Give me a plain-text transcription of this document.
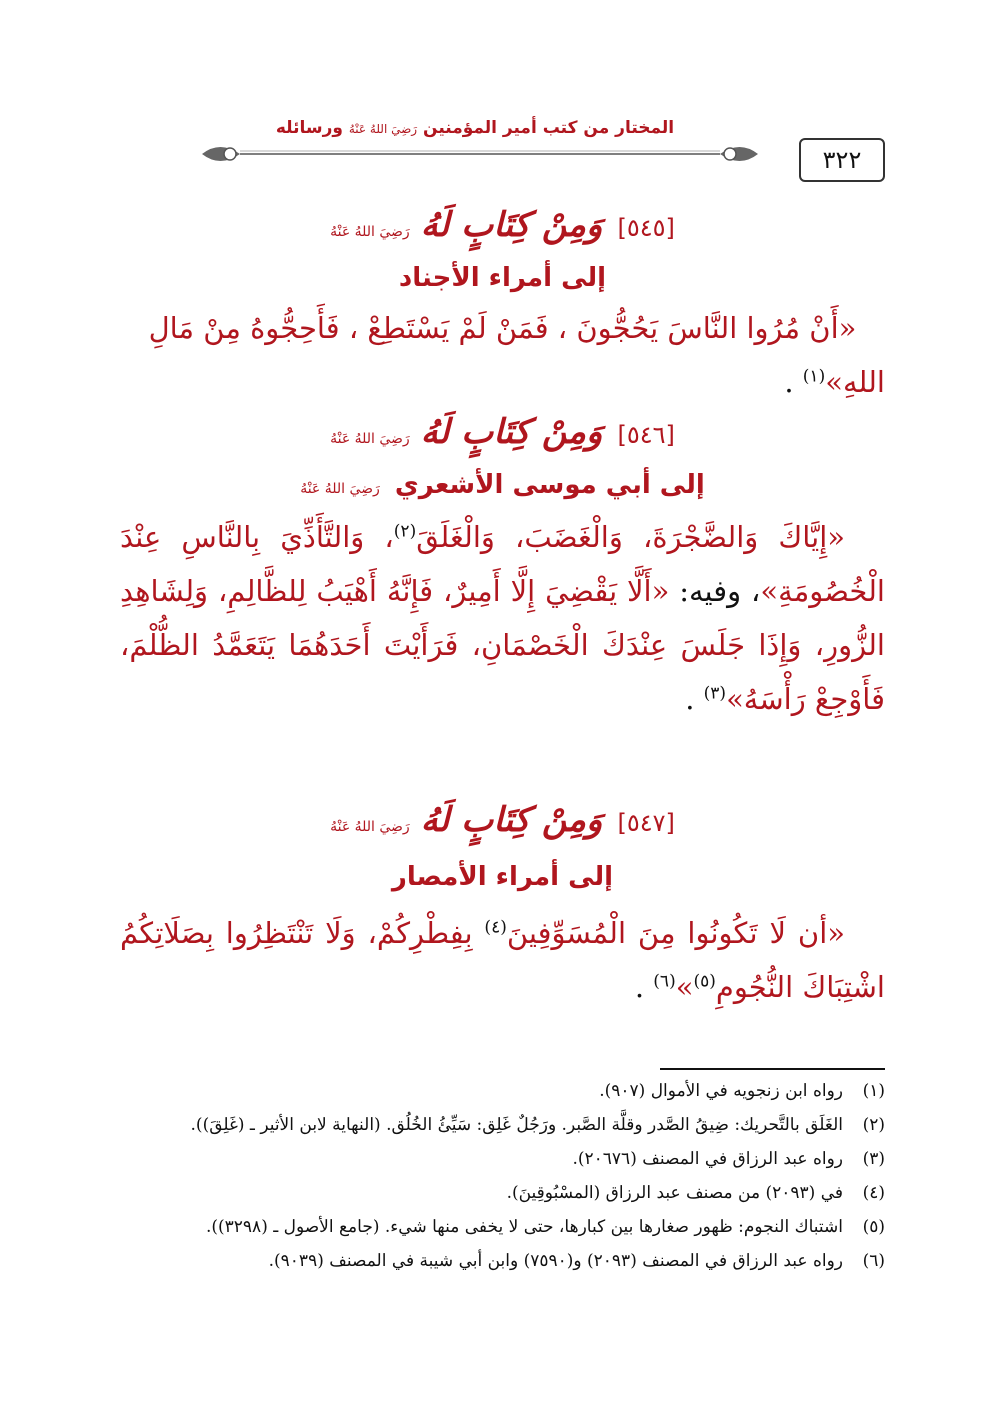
٣٢٢
المختار من كتب أمير المؤمنين رَضِيَ اللهُ عَنْهُ ورسائله
[٥٤٥] وَمِنْ كِتَابٍ لَهُ رَضِيَ اللهُ عَنْهُ
إلى أمراء الأجناد
«أَنْ مُرُوا النَّاسَ يَحُجُّونَ ، فَمَنْ لَمْ يَسْتَطِعْ ، فَأَحِجُّوهُ مِنْ مَالِ اللهِ»$^{(١)}$ .
[٥٤٦] وَمِنْ كِتَابٍ لَهُ رَضِيَ اللهُ عَنْهُ
إلى أبي موسى الأشعري رَضِيَ اللهُ عَنْهُ
«إِيَّاكَ وَالضَّجْرَةَ، وَالْغَضَبَ، وَالْغَلَقَ$^{(٢)}$، وَالتَّأَذِّيَ بِالنَّاسِ عِنْدَ الْخُصُومَةِ»، وفيه: «أَلَّا يَقْضِيَ إِلَّا أَمِيرٌ، فَإِنَّهُ أَهْيَبُ لِلظَّالِمِ، وَلِشَاهِدِ الزُّورِ، وَإِذَا جَلَسَ عِنْدَكَ الْخَصْمَانِ، فَرَأَيْتَ أَحَدَهُمَا يَتَعَمَّدُ الظُّلْمَ، فَأَوْجِعْ رَأْسَهُ»$^{(٣)}$ .
[٥٤٧] وَمِنْ كِتَابٍ لَهُ رَضِيَ اللهُ عَنْهُ
إلى أمراء الأمصار
«أن لَا تَكُونُوا مِنَ الْمُسَوِّفِينَ$^{(٤)}$ بِفِطْرِكُمْ، وَلَا تَنْتَظِرُوا بِصَلَاتِكُمُ اشْتِبَاكَ النُّجُومِ$^{(٥)}$»$^{(٦)}$ .
(١)
رواه ابن زنجويه في الأموال (٩٠٧).
(٢)
الغَلَق بالتَّحريك: ضِيقُ الصَّدر وقلَّة الصَّبر. ورَجُلٌ غَلِق: سَيِّئُ الخُلُق. (النهاية لابن الأثير ـ (غَلِقَ)).
(٣)
رواه عبد الرزاق في المصنف (٢٠٦٧٦).
(٤)
في (٢٠٩٣) من مصنف عبد الرزاق (المسْبُوقِينَ).
(٥)
اشتباك النجوم: ظهور صغارها بين كبارها، حتى لا يخفى منها شيء. (جامع الأصول ـ (٣٢٩٨)).
(٦)
رواه عبد الرزاق في المصنف (٢٠٩٣) و(٧٥٩٠) وابن أبي شيبة في المصنف (٩٠٣٩).
